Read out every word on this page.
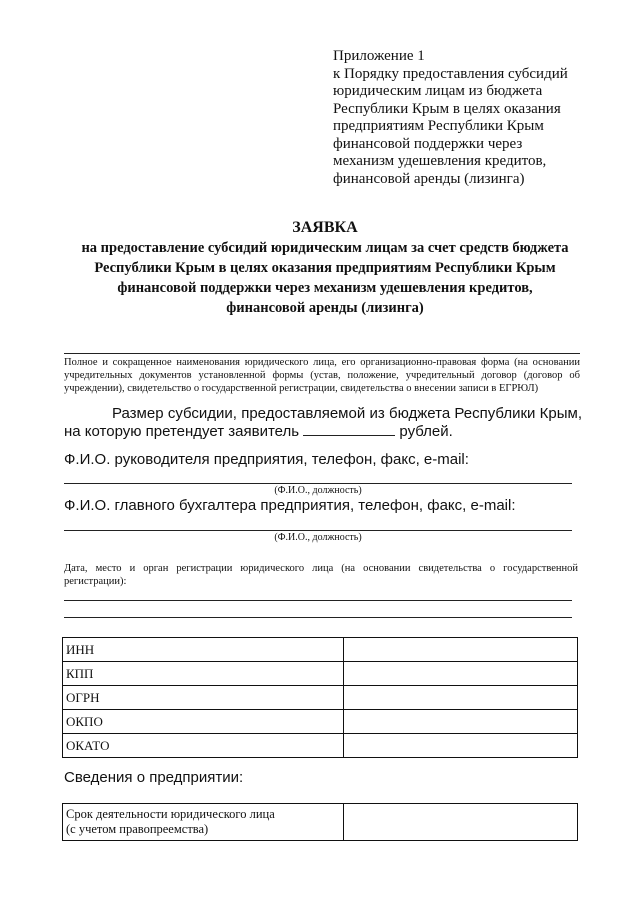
Приложение 1
к Порядку предоставления субсидий
юридическим лицам из бюджета
Республики Крым в целях оказания
предприятиям Республики Крым
финансовой поддержки через
механизм удешевления кредитов,
финансовой аренды (лизинга)
ЗАЯВКА
на предоставление субсидий юридическим лицам за счет средств бюджета
Республики Крым в целях оказания предприятиям Республики Крым
финансовой поддержки через механизм удешевления кредитов,
финансовой аренды (лизинга)
Полное и сокращенное наименования юридического лица, его организационно-правовая форма (на основании учредительных документов установленной формы (устав, положение, учредительный договор (договор об учреждении), свидетельство о государственной регистрации, свидетельства о внесении записи в ЕГРЮЛ)
Размер субсидии, предоставляемой из бюджета Республики Крым, на которую претендует заявитель	рублей.
Ф.И.О. руководителя предприятия, телефон, факс, e-mail:
(Ф.И.О., должность)
Ф.И.О. главного бухгалтера предприятия, телефон, факс, e-mail:
(Ф.И.О., должность)
Дата, место и орган регистрации юридического лица (на основании свидетельства о государственной регистрации):
ИНН	
КПП	
ОГРН	
ОКПО	
ОКАТО	
Сведения о предприятии:
Срок деятельности юридического лица
(с учетом правопреемства)
